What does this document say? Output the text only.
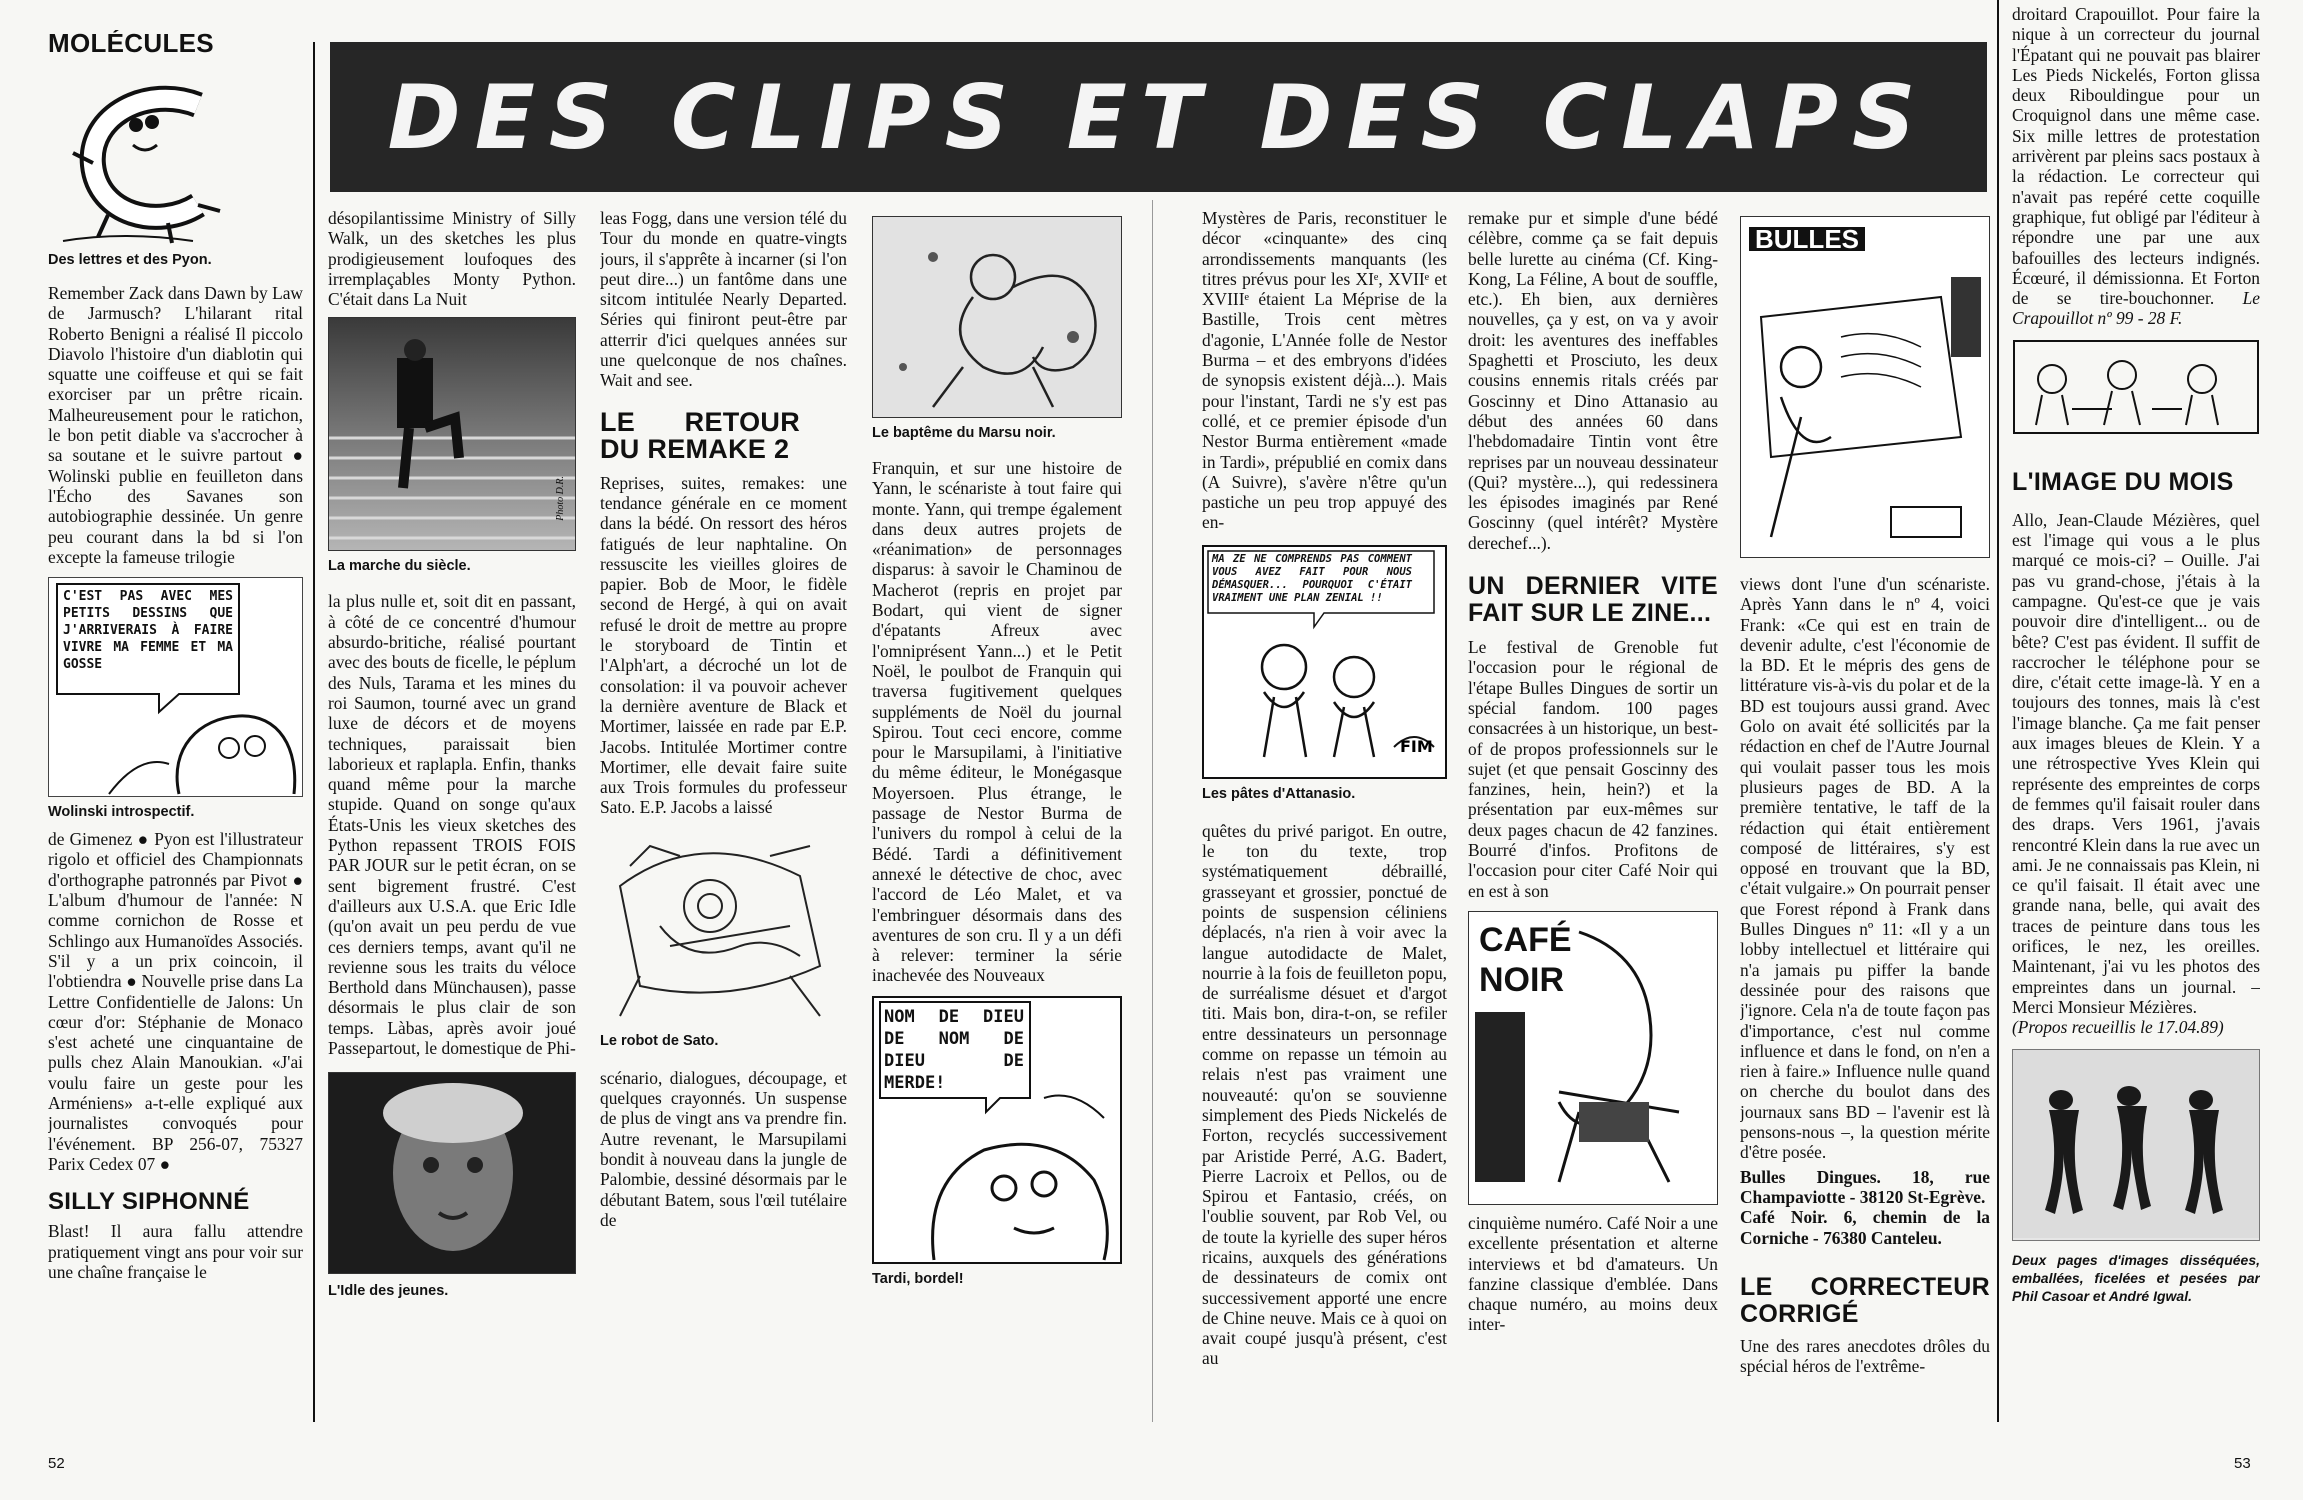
DES CLIPS ET DES CLAPS
MOLÉCULES
Des lettres et des Pyon.

Remember Zack dans Dawn by Law de Jarmusch? L'hilarant rital Roberto Benigni a réalisé Il piccolo Diavolo l'histoire d'un diablotin qui squatte une coiffeuse et qui se fait exorciser par un prêtre ricain. Malheureusement pour le ratichon, le bon petit diable va s'accrocher à sa soutane et le suivre partout ● Wolinski publie en feuilleton dans l'Écho des Savanes son autobiographie dessinée. Un genre peu courant dans la bd si l'on excepte la fameuse trilogie

C'EST PAS AVEC MES PETITS DESSINS QUE J'ARRIVERAIS À FAIRE VIVRE MA FEMME ET MA GOSSE
Wolinski introspectif.

de Gimenez ● Pyon est l'illustrateur rigolo et officiel des Championnats d'orthographe patronnés par Pivot ● L'album d'humour de l'année: N comme cornichon de Rosse et Schlingo aux Humanoïdes Associés. S'il y a un prix coincoin, il l'obtiendra ● Nouvelle prise dans La Lettre Confidentielle de Jalons: Un cœur d'or: Stéphanie de Monaco s'est acheté une cinquantaine de pulls chez Alain Manoukian. «J'ai voulu faire un geste pour les Arméniens» a-t-elle expliqué aux journalistes convoqués pour l'événement. BP 256-07, 75327 Parix Cedex 07 ●

SILLY SIPHONNÉ

Blast! Il aura fallu attendre pratiquement vingt ans pour voir sur une chaîne française le

désopilantissime Ministry of Silly Walk, un des sketches les plus prodigieusement loufoques des irremplaçables Monty Python. C'était dans La Nuit

Photo D.R.
La marche du siècle.

la plus nulle et, soit dit en passant, à côté de ce concentré d'humour absurdo-britiche, réalisé pourtant avec des bouts de ficelle, le péplum des Nuls, Tarama et les mines du roi Saumon, tourné avec un grand luxe de décors et de moyens techniques, paraissait bien laborieux et raplapla. Enfin, thanks quand même pour la marche stupide. Quand on songe qu'aux États-Unis les vieux sketches des Python repassent TROIS FOIS PAR JOUR sur le petit écran, on se sent bigrement frustré. C'est d'ailleurs aux U.S.A. que Eric Idle (qu'on avait un peu perdu de vue ces derniers temps, avant qu'il ne revienne sous les traits du véloce Berthold dans Münchausen), passe désormais le plus clair de son temps. Làbas, après avoir joué Passepartout, le domestique de Phi-

L'Idle des jeunes.

leas Fogg, dans une version télé du Tour du monde en quatre-vingts jours, il s'apprête à incarner (si l'on peut dire...) un fantôme dans une sitcom intitulée Nearly Departed. Séries qui finiront peut-être par atterrir d'ici quelques années sur une quelconque de nos chaînes. Wait and see.

LE RETOUR DU REMAKE 2

Reprises, suites, remakes: une tendance générale en ce moment dans la bédé. On ressort des héros fatigués de leur naphtaline. On ressuscite les vieilles gloires de papier. Bob de Moor, le fidèle second de Hergé, à qui on avait refusé le droit de mettre au propre le storyboard de Tintin et l'Alph'art, a décroché un lot de consolation: il va pouvoir achever la dernière aventure de Black et Mortimer, laissée en rade par E.P. Jacobs. Intitulée Mortimer contre Mortimer, elle devait faire suite aux Trois formules du professeur Sato. E.P. Jacobs a laissé

Le robot de Sato.

scénario, dialogues, découpage, et quelques crayonnés. Un suspense de plus de vingt ans va prendre fin. Autre revenant, le Marsupilami bondit à nouveau dans la jungle de Palombie, dessiné désormais par le débutant Batem, sous l'œil tutélaire de

Le baptême du Marsu noir.

Franquin, et sur une histoire de Yann, le scénariste à tout faire qui monte. Yann, qui trempe également dans deux autres projets de «réanimation» de personnages disparus: à savoir le Chaminou de Macherot (repris en projet par Bodart, qui vient de signer d'épatants Afreux avec l'omniprésent Yann...) et le Petit Noël, le poulbot de Franquin qui traversa fugitivement quelques suppléments de Noël du journal Spirou. Tout ceci encore, comme pour le Marsupilami, à l'initiative du même éditeur, le Monégasque Moyersoen. Plus étrange, le passage de Nestor Burma de l'univers du rompol à celui de la Bédé. Tardi a définitivement annexé le détective de choc, avec l'accord de Léo Malet, et va l'embringuer désormais dans des aventures de son cru. Il y a un défi à relever: terminer la série inachevée des Nouveaux

NOM DE DIEU DE NOM DE DIEU DE MERDE!
Tardi, bordel!

Mystères de Paris, reconstituer le décor «cinquante» des cinq arrondissements manquants (les titres prévus pour les XIᵉ, XVIIᵉ et XVIIIᵉ étaient La Méprise de la Bastille, Trois cent mètres d'agonie, L'Année folle de Nestor Burma – et des embryons d'idées de synopsis existent déjà...). Mais pour l'instant, Tardi ne s'y est pas collé, et ce premier épisode d'un Nestor Burma entièrement «made in Tardi», prépublié en comix dans (A Suivre), s'avère n'être qu'un pastiche un peu trop appuyé des en-

MA ZE NE COMPRENDS PAS COMMENT VOUS AVEZ FAIT POUR NOUS DÉMASQUER... POURQUOI C'ÉTAIT VRAIMENT UNE PLAN ZENIAL !!
FIM
Les pâtes d'Attanasio.

quêtes du privé parigot. En outre, le ton du texte, trop systématiquement débraillé, grasseyant et grossier, ponctué de points de suspension céliniens déplacés, n'a rien à voir avec la langue autodidacte de Malet, nourrie à la fois de feuilleton popu, de surréalisme désuet et d'argot titi. Mais bon, dira-t-on, se refiler entre dessinateurs un personnage comme on repasse un témoin au relais n'est pas vraiment une nouveauté: qu'on se souvienne simplement des Pieds Nickelés de Forton, recyclés successivement par Aristide Perré, A.G. Badert, Pierre Lacroix et Pellos, ou de Spirou et Fantasio, créés, on l'oublie souvent, par Rob Vel, ou de toute la kyrielle des super héros ricains, auxquels des générations de dessinateurs de comix ont successivement apporté une encre de Chine neuve. Mais ce à quoi on avait coupé jusqu'à présent, c'est au

remake pur et simple d'une bédé célèbre, comme ça se fait depuis belle lurette au cinéma (Cf. King-Kong, La Féline, A bout de souffle, etc.). Eh bien, aux dernières nouvelles, ça y est, on va y avoir droit: les aventures des ineffables Spaghetti et Prosciuto, les deux cousins ennemis ritals créés par Goscinny et Dino Attanasio au début des années 60 dans l'hebdomadaire Tintin vont être reprises par un nouveau dessinateur (Qui? mystère...), qui redessinera les épisodes imaginés par René Goscinny (quel intérêt? Mystère derechef...).

UN DERNIER VITE FAIT SUR LE ZINE...

Le festival de Grenoble fut l'occasion pour le régional de l'étape Bulles Dingues de sortir un spécial fandom. 100 pages consacrées à un historique, un best-of de propos professionnels sur le sujet (et que pensait Goscinny des fanzines, hein, hein?) et la présentation par eux-mêmes sur deux pages chacun de 42 fanzines. Bourré d'infos. Profitons de l'occasion pour citer Café Noir qui en est à son

CAFÉ NOIR

cinquième numéro. Café Noir a une excellente présentation et alterne interviews et bd d'amateurs. Un fanzine classique d'emblée. Dans chaque numéro, au moins deux inter-

BULLES

views dont l'une d'un scénariste. Après Yann dans le nº 4, voici Frank: «Ce qui est en train de devenir adulte, c'est l'économie de la BD. Et le mépris des gens de littérature vis-à-vis du polar et de la BD est toujours aussi grand. Avec Golo on avait été sollicités par la rédaction en chef de l'Autre Journal qui voulait passer tous les mois plusieurs pages de BD. A la première tentative, le taff de la rédaction qui était entièrement composé de littéraires, s'y est opposé en trouvant que la BD, c'était vulgaire.» On pourrait penser que Forest répond à Frank dans Bulles Dingues nº 11: «Il y a un lobby intellectuel et littéraire qui n'a jamais pu piffer la bande dessinée pour des raisons que j'ignore. Cela n'a de toute façon pas d'importance, c'est nul comme influence et dans le fond, on n'en a rien à faire.» Influence nulle quand on cherche du boulot dans des journaux sans BD – l'avenir est là pensons-nous –, la question mérite d'être posée.

Bulles Dingues. 18, rue Champaviotte - 38120 St-Egrève.

Café Noir. 6, chemin de la Corniche - 76380 Canteleu.

LE CORRECTEUR CORRIGÉ

Une des rares anecdotes drôles du spécial héros de l'extrême-

droitard Crapouillot. Pour faire la nique à un correcteur du journal l'Épatant qui ne pouvait pas blairer Les Pieds Nickelés, Forton glissa deux Ribouldingue pour un Croquignol dans une même case. Six mille lettres de protestation arrivèrent par pleins sacs postaux à la rédaction. Le correcteur qui n'avait pas repéré cette coquille graphique, fut obligé par l'éditeur à répondre une par une aux bafouilles des lecteurs indignés. Écœuré, il démissionna. Et Forton de se tire-bouchonner. Le Crapouillot nº 99 - 28 F.

L'IMAGE DU MOIS

Allo, Jean-Claude Mézières, quel est l'image qui vous a le plus marqué ce mois-ci? – Ouille. J'ai pas vu grand-chose, j'étais à la campagne. Qu'est-ce que je vais pouvoir dire d'intelligent... ou de bête? C'est pas évident. Il suffit de raccrocher le téléphone pour se dire, c'était cette image-là. Y en a toujours des tonnes, mais là c'est l'image blanche. Ça me fait penser aux images bleues de Klein. Y a une rétrospective Yves Klein qui représente des empreintes de corps de femmes qu'il faisait rouler dans des draps. Vers 1961, j'avais rencontré Klein dans la rue avec un ami. Je ne connaissais pas Klein, ni ce qu'il faisait. Il était avec une grande nana, belle, qui avait des traces de peinture dans tous les orifices, le nez, les oreilles. Maintenant, j'ai vu les photos des empreintes dans un journal. – Merci Monsieur Mézières.

(Propos recueillis le 17.04.89)

Deux pages d'images disséquées, emballées, ficelées et pesées par Phil Casoar et André Igwal.
52	53
